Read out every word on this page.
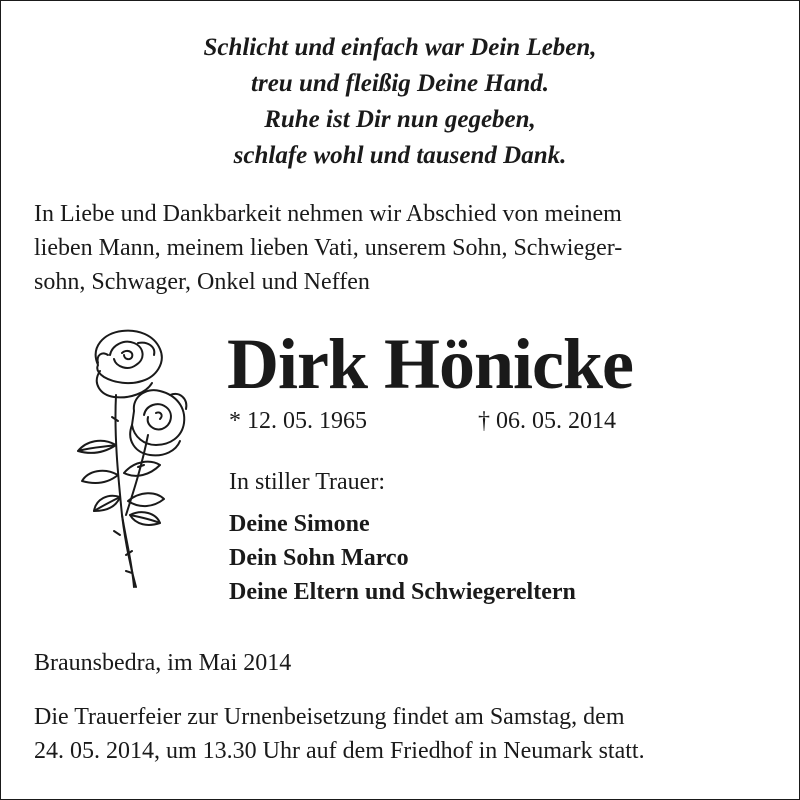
Schlicht und einfach war Dein Leben,
treu und fleißig Deine Hand.
Ruhe ist Dir nun gegeben,
schlafe wohl und tausend Dank.
In Liebe und Dankbarkeit nehmen wir Abschied von meinem
lieben Mann, meinem lieben Vati, unserem Sohn, Schwieger-
sohn, Schwager, Onkel und Neffen
Dirk Hönicke
* 12. 05. 1965	† 06. 05. 2014
In stiller Trauer:
Deine Simone
Dein Sohn Marco
Deine Eltern und Schwiegereltern
Braunsbedra, im Mai 2014
Die Trauerfeier zur Urnenbeisetzung findet am Samstag, dem
24. 05. 2014, um 13.30 Uhr auf dem Friedhof in Neumark statt.
